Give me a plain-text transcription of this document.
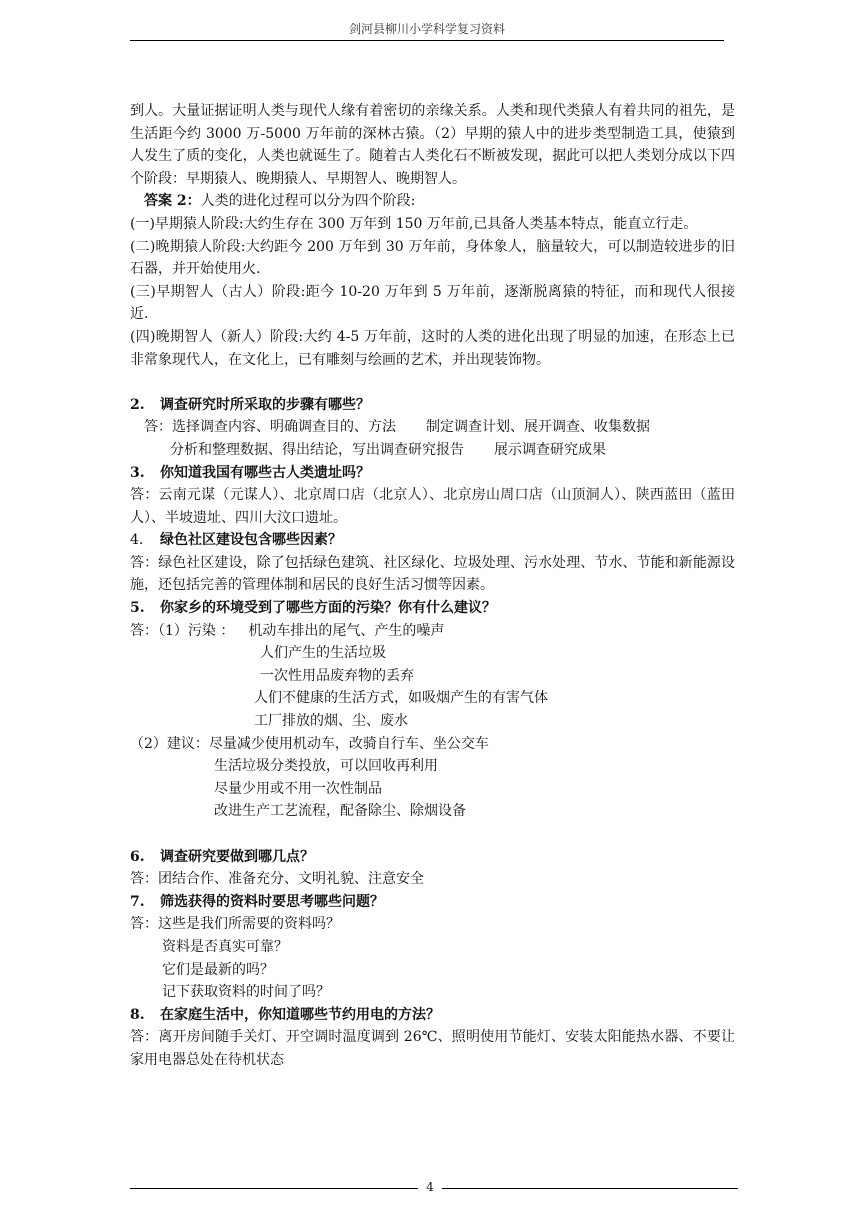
剑河县柳川小学科学复习资料
到人。大量证据证明人类与现代人缘有着密切的亲缘关系。人类和现代类猿人有着共同的祖先，是生活距今约 3000 万-5000 万年前的深林古猿。（2）早期的猿人中的进步类型制造工具，使猿到人发生了质的变化，人类也就诞生了。随着古人类化石不断被发现，据此可以把人类划分成以下四个阶段：早期猿人、晚期猿人、早期智人、晚期智人。
答案 2：人类的进化过程可以分为四个阶段:
(一)早期猿人阶段:大约生存在 300 万年到 150 万年前,已具备人类基本特点，能直立行走。
(二)晚期猿人阶段:大约距今 200 万年到 30 万年前，身体象人，脑量较大，可以制造较进步的旧石器，并开始使用火.
(三)早期智人（古人）阶段:距今 10-20 万年到 5 万年前，逐渐脱离猿的特征，而和现代人很接近.
(四)晚期智人（新人）阶段:大约 4-5 万年前，这时的人类的进化出现了明显的加速，在形态上已非常象现代人，在文化上，已有雕刻与绘画的艺术，并出现装饰物。
2. 调查研究时所采取的步骤有哪些？
答：选择调查内容、明确调查目的、方法 制定调查计划、展开调查、收集数据
分析和整理数据、得出结论，写出调查研究报告 展示调查研究成果
3. 你知道我国有哪些古人类遗址吗？
答：云南元谋（元谋人）、北京周口店（北京人）、北京房山周口店（山顶洞人）、陕西蓝田（蓝田人）、半坡遗址、四川大汶口遗址。
4. 绿色社区建设包含哪些因素？
答：绿色社区建设，除了包括绿色建筑、社区绿化、垃圾处理、污水处理、节水、节能和新能源设施，还包括完善的管理体制和居民的良好生活习惯等因素。
5. 你家乡的环境受到了哪些方面的污染？你有什么建议？
答：（1）污染 ： 机动车排出的尾气、产生的噪声
人们产生的生活垃圾
一次性用品废弃物的丢弃
人们不健康的生活方式，如吸烟产生的有害气体
工厂排放的烟、尘、废水
（2）建议：尽量减少使用机动车，改骑自行车、坐公交车
生活垃圾分类投放，可以回收再利用
尽量少用或不用一次性制品
改进生产工艺流程，配备除尘、除烟设备
6. 调查研究要做到哪几点？
答：团结合作、准备充分、文明礼貌、注意安全
7. 筛选获得的资料时要思考哪些问题？
答：这些是我们所需要的资料吗？
资料是否真实可靠？
它们是最新的吗？
记下获取资料的时间了吗？
8. 在家庭生活中，你知道哪些节约用电的方法？
答：离开房间随手关灯、开空调时温度调到 26℃、照明使用节能灯、安装太阳能热水器、不要让家用电器总处在待机状态
4
